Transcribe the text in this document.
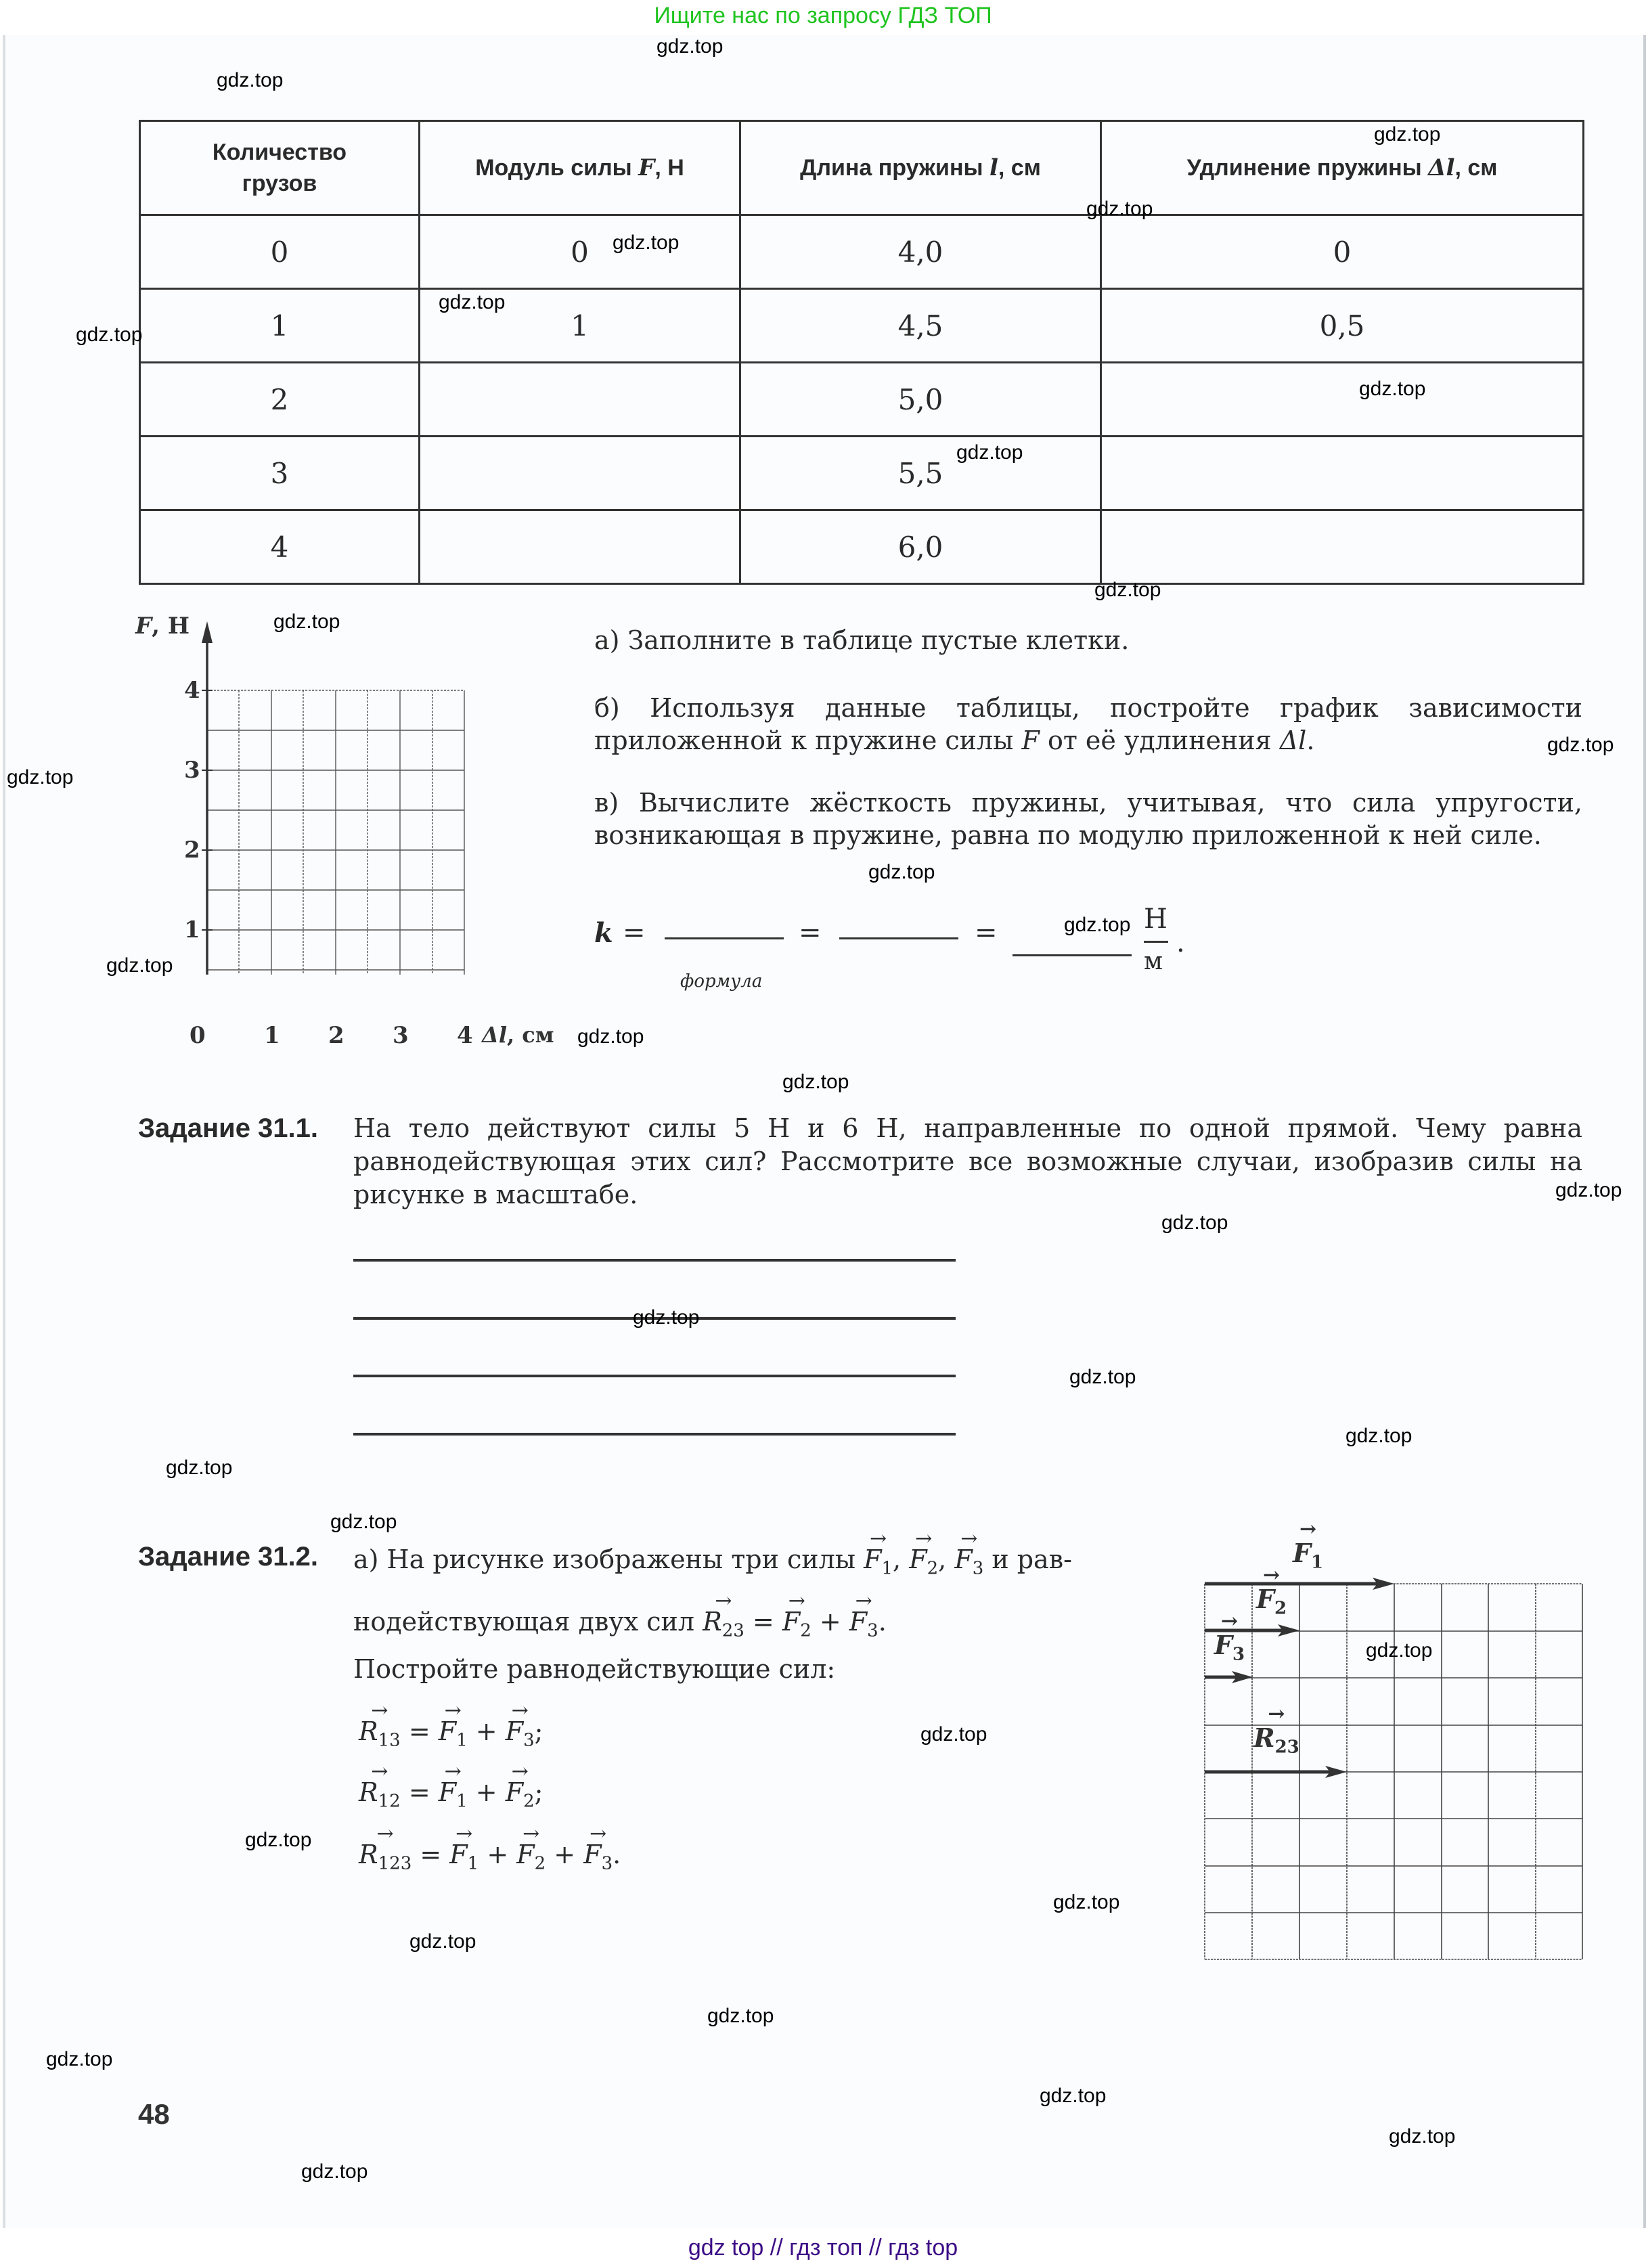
Ищите нас по запросу ГДЗ ТОП
Количество
грузов	Модуль силы F, Н	Длина пружины l, см	Удлинение пружины Δl, см
0	0	4,0	0
1	1	4,5	0,5
2		5,0	
3		5,5	
4		6,0	
F, Н
4
3
2
1
0	1 2 3 4 Δl, см
а) Заполните в таблице пустые клетки.
б) Используя данные таблицы, постройте график зависимости приложенной к пружине силы F от её удлинения Δl.
в) Вычислите жёсткость пружины, учитывая, что сила упругости, возникающая в пружине, равна по модулю приложенной к ней силе.
k =	=	=	Н
м
.
формула
Задание 31.1. На тело действуют силы 5 Н и 6 Н, направленные по одной прямой. Чему равна равнодействующая этих сил? Рассмотрите все возможные случаи, изобразив силы на рисунке в масштабе.
Задание 31.2. а) На рисунке изображены три силы → $F_1$, → $F_2$, → $F_3$ и рав-
нодействующая двух сил → $R_{23}$ = → $F_2$ + → $F_3$.
Постройте равнодействующие сил:
→ $R_{13}$ = → $F_1$ + → $F_3$;
→ $R_{12}$ = → $F_1$ + → $F_2$;
→ $R_{123}$ = → $F_1$ + → $F_2$ + → $F_3$.
→ $F_1$
→ $F_2$
→ $F_3$
→ $R_{23}$
48
gdz.top
gdz.top
gdz.top
gdz.top
gdz.top
gdz.top
gdz.top
gdz.top
gdz.top
gdz.top
gdz.top
gdz.top
gdz.top
gdz.top
gdz.top
gdz.top
gdz.top
gdz.top
gdz.top
gdz.top
gdz.top
gdz.top
gdz.top
gdz.top
gdz.top
gdz.top
gdz.top
gdz.top
gdz.top
gdz.top
gdz.top
gdz.top
gdz.top
gdz.top
gdz.top
gdz top // гдз топ // гдз top
